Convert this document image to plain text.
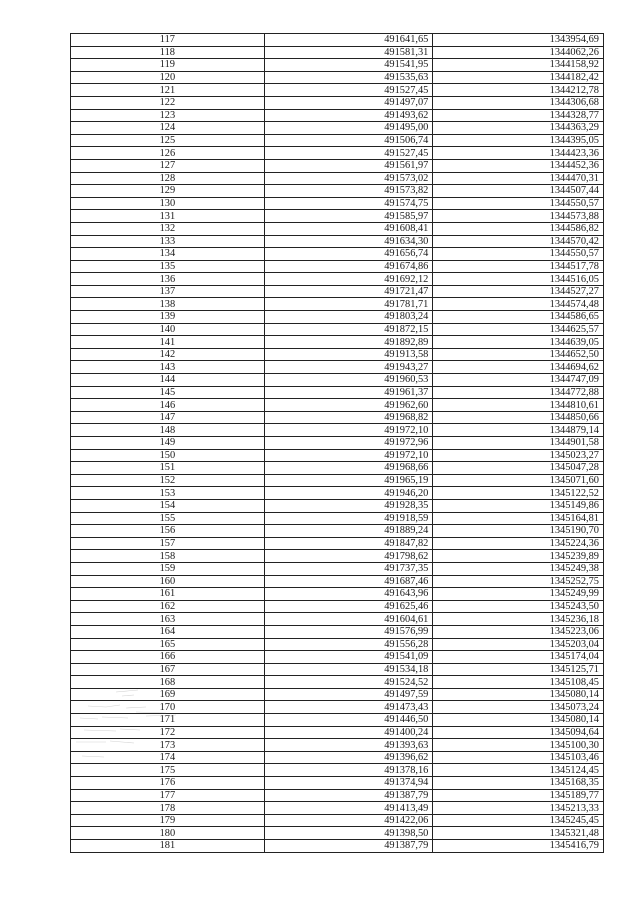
117	491641,65	1343954,69
118	491581,31	1344062,26
119	491541,95	1344158,92
120	491535,63	1344182,42
121	491527,45	1344212,78
122	491497,07	1344306,68
123	491493,62	1344328,77
124	491495,00	1344363,29
125	491506,74	1344395,05
126	491527,45	1344423,36
127	491561,97	1344452,36
128	491573,02	1344470,31
129	491573,82	1344507,44
130	491574,75	1344550,57
131	491585,97	1344573,88
132	491608,41	1344586,82
133	491634,30	1344570,42
134	491656,74	1344550,57
135	491674,86	1344517,78
136	491692,12	1344516,05
137	491721,47	1344527,27
138	491781,71	1344574,48
139	491803,24	1344586,65
140	491872,15	1344625,57
141	491892,89	1344639,05
142	491913,58	1344652,50
143	491943,27	1344694,62
144	491960,53	1344747,09
145	491961,37	1344772,88
146	491962,60	1344810,61
147	491968,82	1344850,66
148	491972,10	1344879,14
149	491972,96	1344901,58
150	491972,10	1345023,27
151	491968,66	1345047,28
152	491965,19	1345071,60
153	491946,20	1345122,52
154	491928,35	1345149,86
155	491918,59	1345164,81
156	491889,24	1345190,70
157	491847,82	1345224,36
158	491798,62	1345239,89
159	491737,35	1345249,38
160	491687,46	1345252,75
161	491643,96	1345249,99
162	491625,46	1345243,50
163	491604,61	1345236,18
164	491576,99	1345223,06
165	491556,28	1345203,04
166	491541,09	1345174,04
167	491534,18	1345125,71
168	491524,52	1345108,45
169	491497,59	1345080,14
170	491473,43	1345073,24
171	491446,50	1345080,14
172	491400,24	1345094,64
173	491393,63	1345100,30
174	491396,62	1345103,46
175	491378,16	1345124,45
176	491374,94	1345168,35
177	491387,79	1345189,77
178	491413,49	1345213,33
179	491422,06	1345245,45
180	491398,50	1345321,48
181	491387,79	1345416,79
